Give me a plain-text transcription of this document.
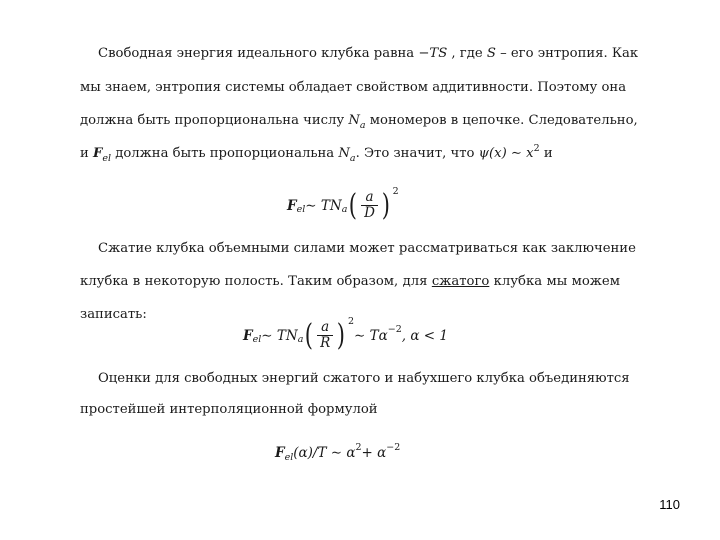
Свободная энергия идеального клубка равна −TS , где S – его энтропия. Как
мы знаем, энтропия системы обладает свойством аддитивности. Поэтому она
должна быть пропорциональна числу $N_a$ мономеров в цепочке. Следовательно,
и $F_{el}$ должна быть пропорциональна $N_a$. Это значит, что ψ(x) ∼ $x^2$ и
F el ∼ TN a ( $\frac{a}{D}$ ) 2
Сжатие клубка объемными силами может рассматриваться как заключение
клубка в некоторую полость. Таким образом, для сжатого клубка мы можем
записать:
F el ∼ TN a ( $\frac{a}{R}$ ) 2
∼ Tα −2 , α < 1
Оценки для свободных энергий сжатого и набухшего клубка объединяются
простейшей интерполяционной формулой
F el (α)/T ∼ α 2 + α −2
110
